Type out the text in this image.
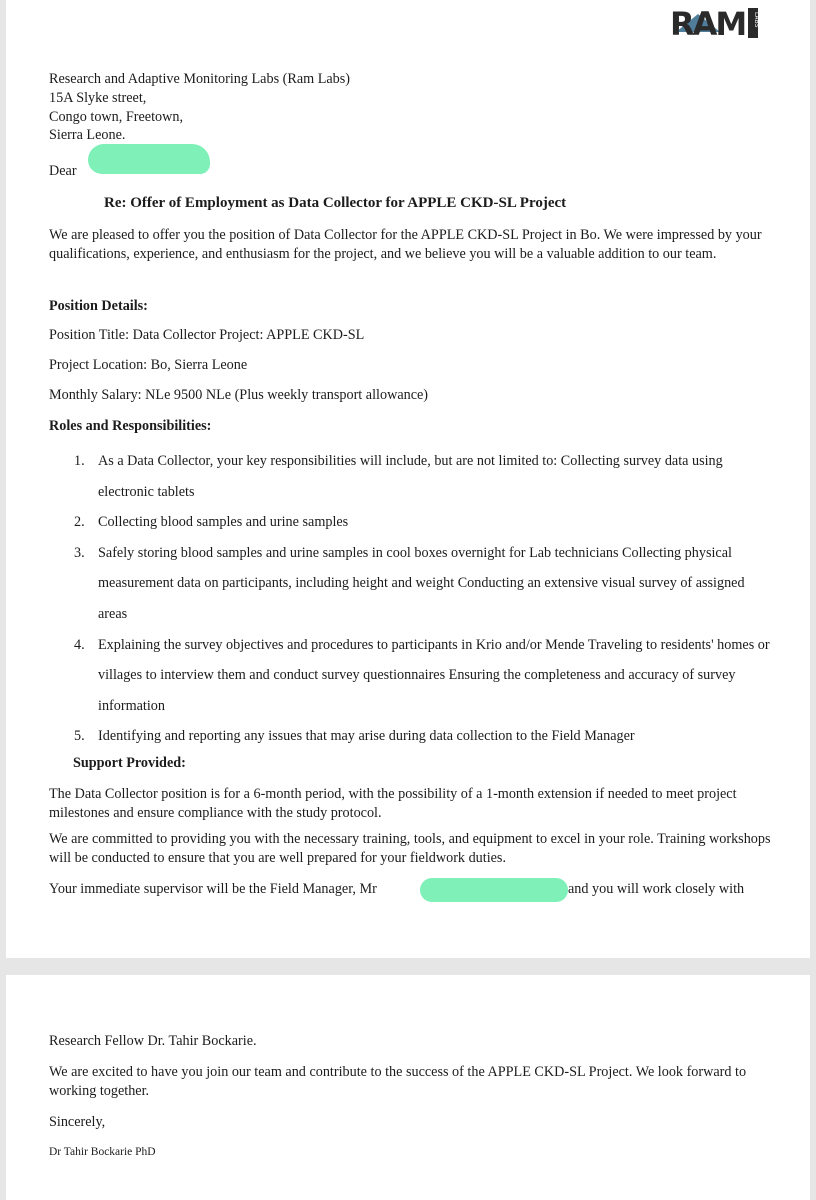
RAM LABS
Research and Adaptive Monitoring Labs (Ram Labs)
15A Slyke street,
Congo town, Freetown,
Sierra Leone.
Dear
Re: Offer of Employment as Data Collector for APPLE CKD-SL Project
We are pleased to offer you the position of Data Collector for the APPLE CKD-SL Project in Bo. We were impressed by your qualifications, experience, and enthusiasm for the project, and we believe you will be a valuable addition to our team.
Position Details:
Position Title: Data Collector Project: APPLE CKD-SL
Project Location: Bo, Sierra Leone
Monthly Salary: NLe 9500 NLe (Plus weekly transport allowance)
Roles and Responsibilities:
1. As a Data Collector, your key responsibilities will include, but are not limited to: Collecting survey data using electronic tablets
2. Collecting blood samples and urine samples
3. Safely storing blood samples and urine samples in cool boxes overnight for Lab technicians Collecting physical measurement data on participants, including height and weight Conducting an extensive visual survey of assigned areas
4. Explaining the survey objectives and procedures to participants in Krio and/or Mende Traveling to residents' homes or villages to interview them and conduct survey questionnaires Ensuring the completeness and accuracy of survey information
5. Identifying and reporting any issues that may arise during data collection to the Field Manager
Support Provided:
The Data Collector position is for a 6-month period, with the possibility of a 1-month extension if needed to meet project milestones and ensure compliance with the study protocol.
We are committed to providing you with the necessary training, tools, and equipment to excel in your role. Training workshops will be conducted to ensure that you are well prepared for your fieldwork duties.
Your immediate supervisor will be the Field Manager, Mr	and you will work closely with
Research Fellow Dr. Tahir Bockarie.
We are excited to have you join our team and contribute to the success of the APPLE CKD-SL Project. We look forward to working together.
Sincerely,
Dr Tahir Bockarie PhD
